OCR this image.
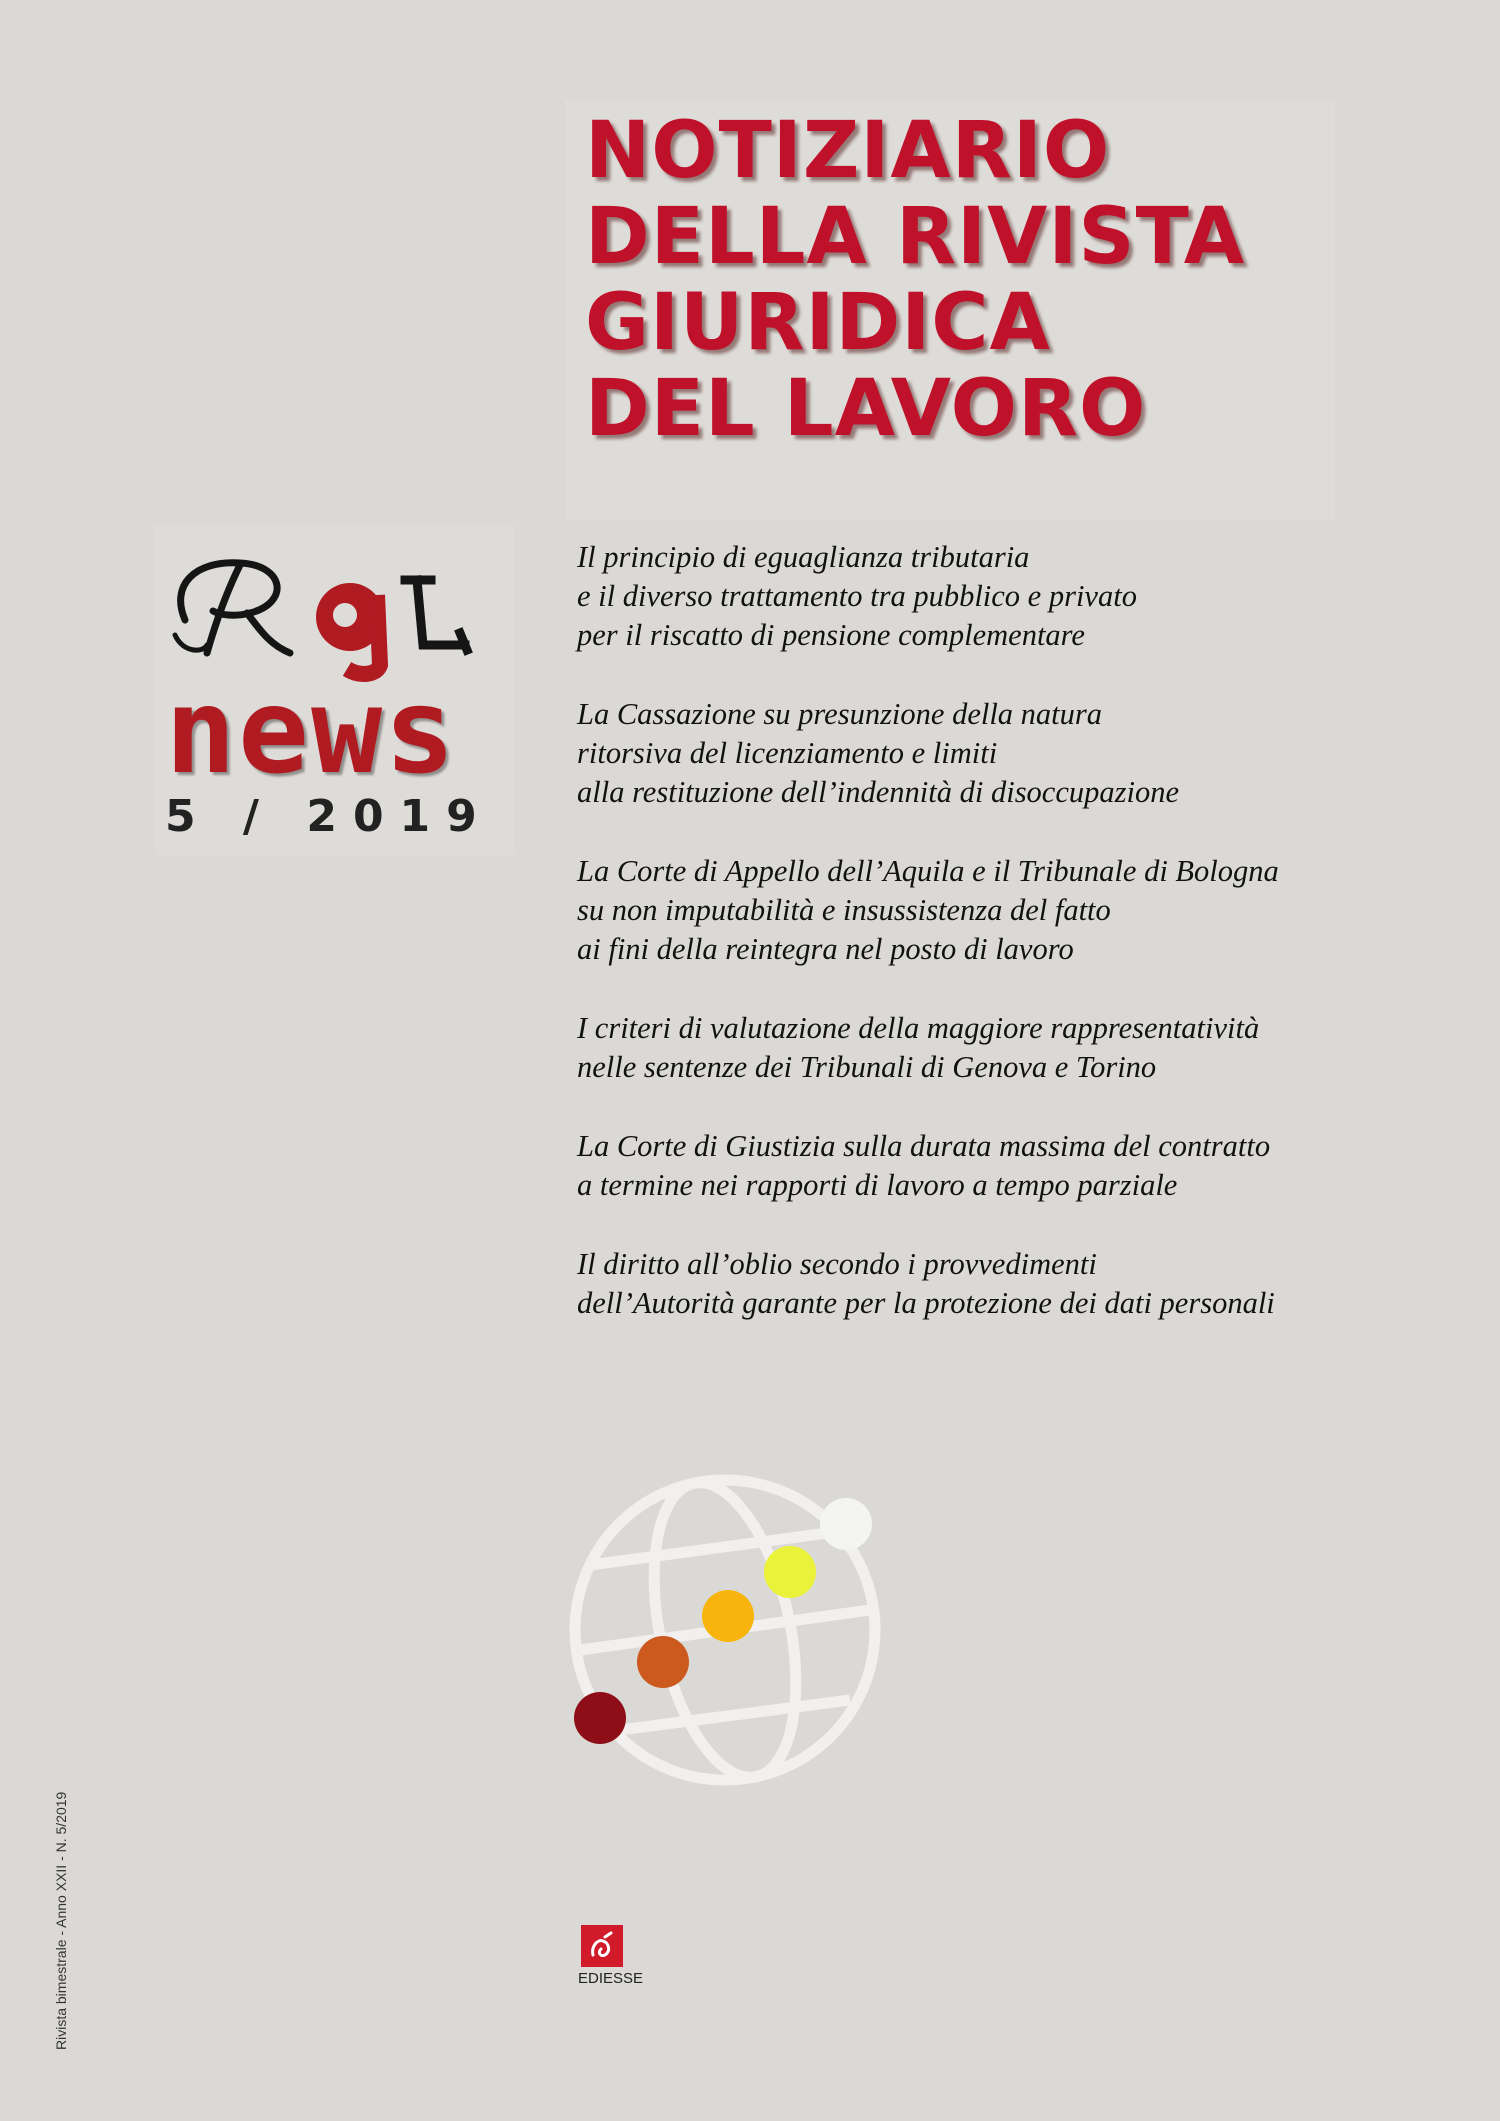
NOTIZIARIO
DELLA RIVISTA
GIURIDICA
DEL LAVORO
RgL
news
5 / 2019
Il principio di eguaglianza tributaria
e il diverso trattamento tra pubblico e privato
per il riscatto di pensione complementare
La Cassazione su presunzione della natura
ritorsiva del licenziamento e limiti
alla restituzione dell’indennità di disoccupazione
La Corte di Appello dell’Aquila e il Tribunale di Bologna
su non imputabilità e insussistenza del fatto
ai fini della reintegra nel posto di lavoro
I criteri di valutazione della maggiore rappresentatività
nelle sentenze dei Tribunali di Genova e Torino
La Corte di Giustizia sulla durata massima del contratto
a termine nei rapporti di lavoro a tempo parziale
Il diritto all’oblio secondo i provvedimenti
dell’Autorità garante per la protezione dei dati personali
EDIESSE
Rivista bimestrale - Anno XXII - N. 5/2019
